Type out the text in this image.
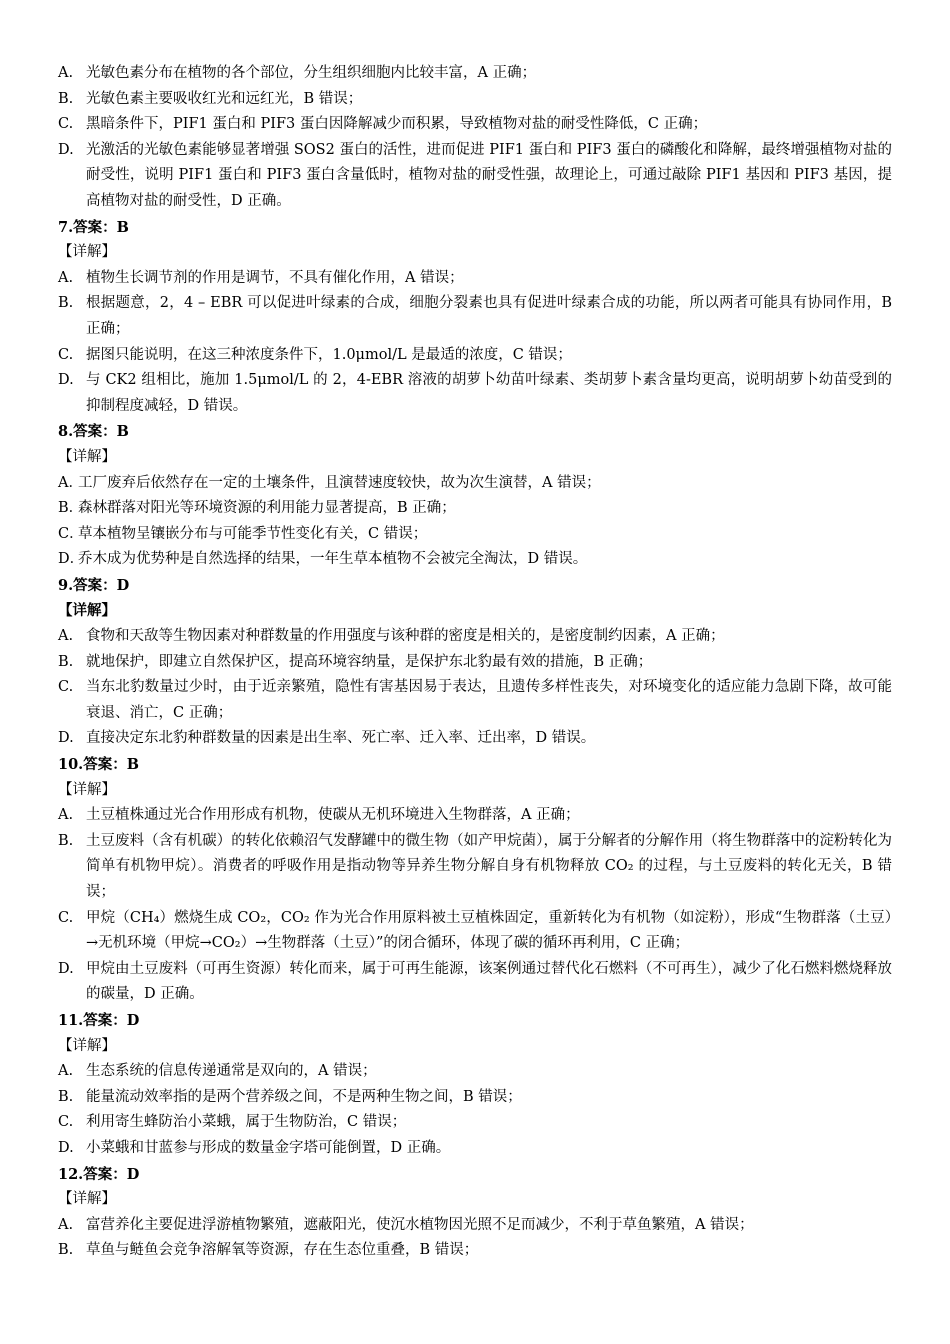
A. 光敏色素分布在植物的各个部位，分生组织细胞内比较丰富，A 正确；
B. 光敏色素主要吸收红光和远红光，B 错误；
C. 黑暗条件下，PIF1 蛋白和 PIF3 蛋白因降解减少而积累，导致植物对盐的耐受性降低，C 正确；
D. 光激活的光敏色素能够显著增强 SOS2 蛋白的活性，进而促进 PIF1 蛋白和 PIF3 蛋白的磷酸化和降解，最终增强植物对盐的耐受性，说明 PIF1 蛋白和 PIF3 蛋白含量低时，植物对盐的耐受性强，故理论上，可通过敲除 PIF1 基因和 PIF3 基因，提高植物对盐的耐受性，D 正确。
7.答案：B
【详解】
A. 植物生长调节剂的作用是调节，不具有催化作用，A 错误；
B. 根据题意，2，4 – EBR 可以促进叶绿素的合成，细胞分裂素也具有促进叶绿素合成的功能，所以两者可能具有协同作用，B 正确；
C. 据图只能说明，在这三种浓度条件下，1.0μmol/L 是最适的浓度，C 错误；
D. 与 CK2 组相比，施加 1.5μmol/L 的 2，4-EBR 溶液的胡萝卜幼苗叶绿素、类胡萝卜素含量均更高，说明胡萝卜幼苗受到的抑制程度减轻，D 错误。
8.答案：B
【详解】
A．
工厂废弃后依然存在一定的土壤条件，且演替速度较快，故为次生演替，A 错误；
B．
森林群落对阳光等环境资源的利用能力显著提高，B 正确；
C．
草本植物呈镶嵌分布与可能季节性变化有关，C 错误；
D．
乔木成为优势种是自然选择的结果，一年生草本植物不会被完全淘汰，D 错误。
9.答案：D
【详解】
A. 食物和天敌等生物因素对种群数量的作用强度与该种群的密度是相关的，是密度制约因素，A 正确；
B. 就地保护，即建立自然保护区，提高环境容纳量，是保护东北豹最有效的措施，B 正确；
C. 当东北豹数量过少时，由于近亲繁殖，隐性有害基因易于表达，且遗传多样性丧失，对环境变化的适应能力急剧下降，故可能衰退、消亡，C 正确；
D. 直接决定东北豹种群数量的因素是出生率、死亡率、迁入率、迁出率，D 错误。
10.答案：B
【详解】
A. 土豆植株通过光合作用形成有机物，使碳从无机环境进入生物群落，A 正确；
B. 土豆废料（含有机碳）的转化依赖沼气发酵罐中的微生物（如产甲烷菌），属于分解者的分解作用（将生物群落中的淀粉转化为简单有机物甲烷）。消费者的呼吸作用是指动物等异养生物分解自身有机物释放 CO₂ 的过程，与土豆废料的转化无关，B 错误；
C. 甲烷（CH₄）燃烧生成 CO₂，CO₂ 作为光合作用原料被土豆植株固定，重新转化为有机物（如淀粉），形成“生物群落（土豆）→无机环境（甲烷→CO₂）→生物群落（土豆）”的闭合循环，体现了碳的循环再利用，C 正确；
D. 甲烷由土豆废料（可再生资源）转化而来，属于可再生能源，该案例通过替代化石燃料（不可再生），减少了化石燃料燃烧释放的碳量，D 正确。
11.答案：D
【详解】
A. 生态系统的信息传递通常是双向的，A 错误；
B. 能量流动效率指的是两个营养级之间，不是两种生物之间，B 错误；
C. 利用寄生蜂防治小菜蛾，属于生物防治，C 错误；
D. 小菜蛾和甘蓝参与形成的数量金字塔可能倒置，D 正确。
12.答案：D
【详解】
A. 富营养化主要促进浮游植物繁殖，遮蔽阳光，使沉水植物因光照不足而减少，不利于草鱼繁殖，A 错误；
B. 草鱼与鲢鱼会竞争溶解氧等资源，存在生态位重叠，B 错误；
